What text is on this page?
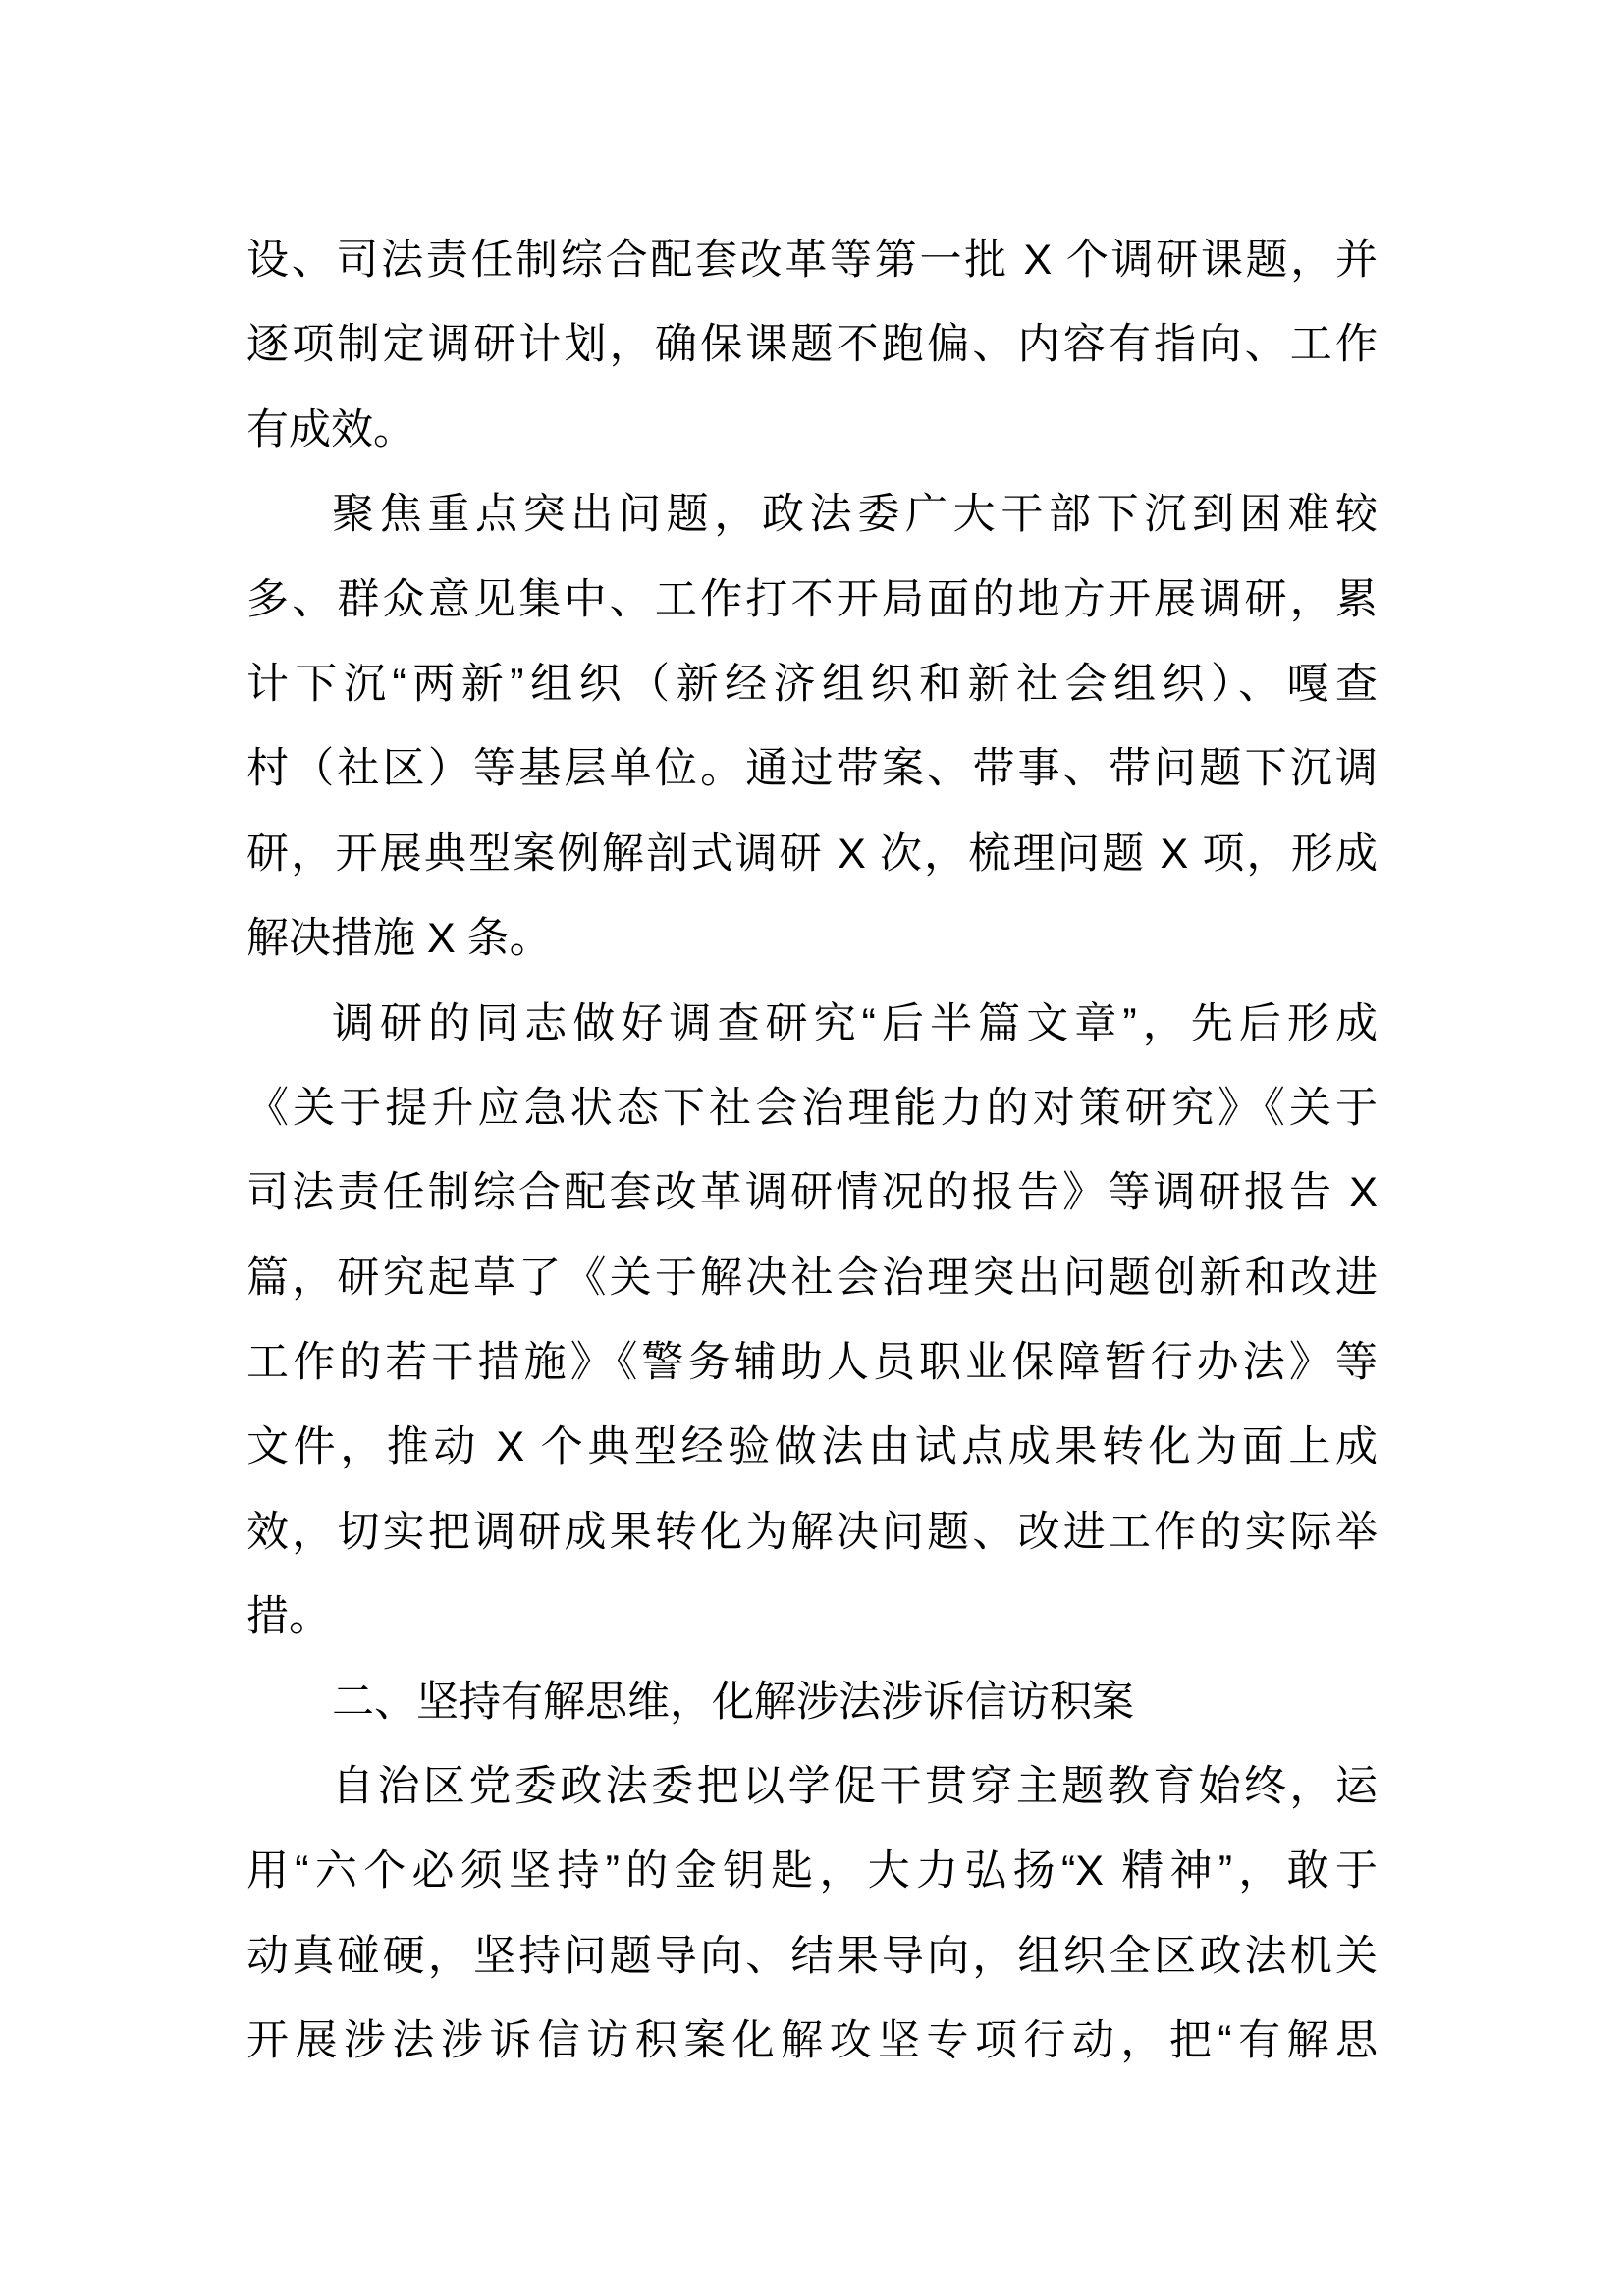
设、司法责任制综合配套改革等第一批 X 个调研课题，并
逐项制定调研计划，确保课题不跑偏、内容有指向、工作
有成效。
聚焦重点突出问题，政法委广大干部下沉到困难较
多、群众意见集中、工作打不开局面的地方开展调研，累
计下沉“两新”组织（新经济组织和新社会组织）、嘎查
村（社区）等基层单位。通过带案、带事、带问题下沉调
研，开展典型案例解剖式调研 X 次，梳理问题 X 项，形成
解决措施 X 条。
调研的同志做好调查研究“后半篇文章”，先后形成
《关于提升应急状态下社会治理能力的对策研究》《关于
司法责任制综合配套改革调研情况的报告》等调研报告 X
篇，研究起草了《关于解决社会治理突出问题创新和改进
工作的若干措施》《警务辅助人员职业保障暂行办法》等
文件，推动 X 个典型经验做法由试点成果转化为面上成
效，切实把调研成果转化为解决问题、改进工作的实际举
措。
二、坚持有解思维，化解涉法涉诉信访积案
自治区党委政法委把以学促干贯穿主题教育始终，运
用“六个必须坚持”的金钥匙，大力弘扬“X 精神”，敢于
动真碰硬，坚持问题导向、结果导向，组织全区政法机关
开展涉法涉诉信访积案化解攻坚专项行动，把“有解思
